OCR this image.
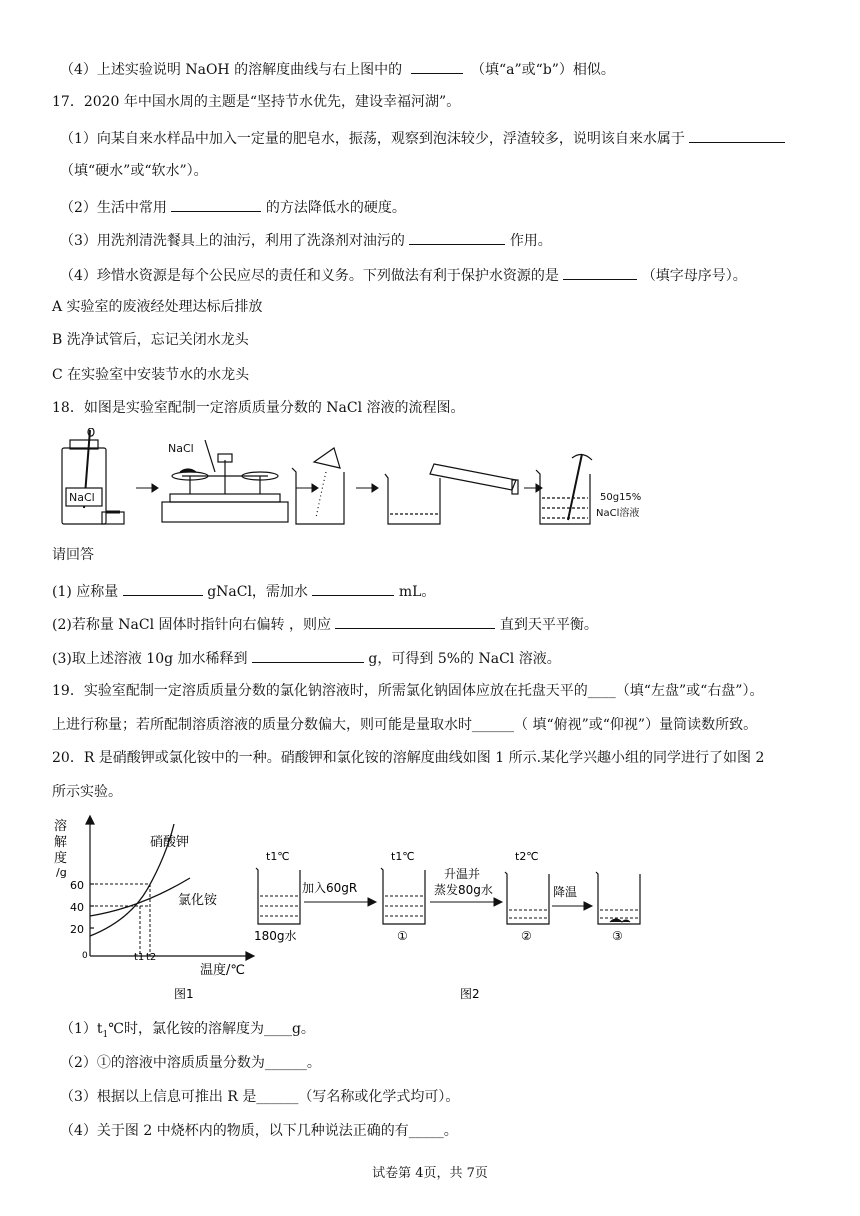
（4）上述实验说明 NaOH 的溶解度曲线与右上图中的	（填“a”或“b”）相似。
17．2020 年中国水周的主题是“坚持节水优先，建设幸福河湖”。
（1）向某自来水样品中加入一定量的肥皂水，振荡，观察到泡沫较少，浮渣较多，说明该自来水属于
（填“硬水”或“软水”）。
（2）生活中常用	的方法降低水的硬度。
（3）用洗剂清洗餐具上的油污，利用了洗涤剂对油污的	作用。
（4）珍惜水资源是每个公民应尽的责任和义务。下列做法有利于保护水资源的是	（填字母序号）。
A 实验室的废液经处理达标后排放
B 洗净试管后，忘记关闭水龙头
C 在实验室中安装节水的水龙头
18．如图是实验室配制一定溶质质量分数的 NaCl 溶液的流程图。
NaCl
NaCl
50g15%
NaCl溶液
请回答
(1) 应称量	gNaCl，需加水	mL。
(2)若称量 NaCl 固体时指针向右偏转 ，则应	直到天平平衡。
(3)取上述溶液 10g 加水稀释到	g，可得到 5%的 NaCl 溶液。
19．实验室配制一定溶质质量分数的氯化钠溶液时，所需氯化钠固体应放在托盘天平的____（填“左盘”或“右盘”）。
上进行称量；若所配制溶质溶液的质量分数偏大，则可能是量取水时______（ 填“俯视”或“仰视”）量筒读数所致。
20．R 是硝酸钾或氯化铵中的一种。硝酸钾和氯化铵的溶解度曲线如图 1 所示.某化学兴趣小组的同学进行了如图 2
所示实验。
溶
解
度
/g
60
40
20
0
硝酸钾
氯化铵
t1 t2
温度/℃
图1
t1℃
180g水
t1℃
①
t2℃
②	③
加入60gR
升温并
蒸发80g水	降温
图2
$(1)t_1℃$时，氯化铵的溶解度为____g。
（2）①的溶液中溶质质量分数为______。
（3）根据以上信息可推出 R 是______（写名称或化学式均可）。
（4）关于图 2 中烧杯内的物质，以下几种说法正确的有_____。
试卷第 4页，共 7页
